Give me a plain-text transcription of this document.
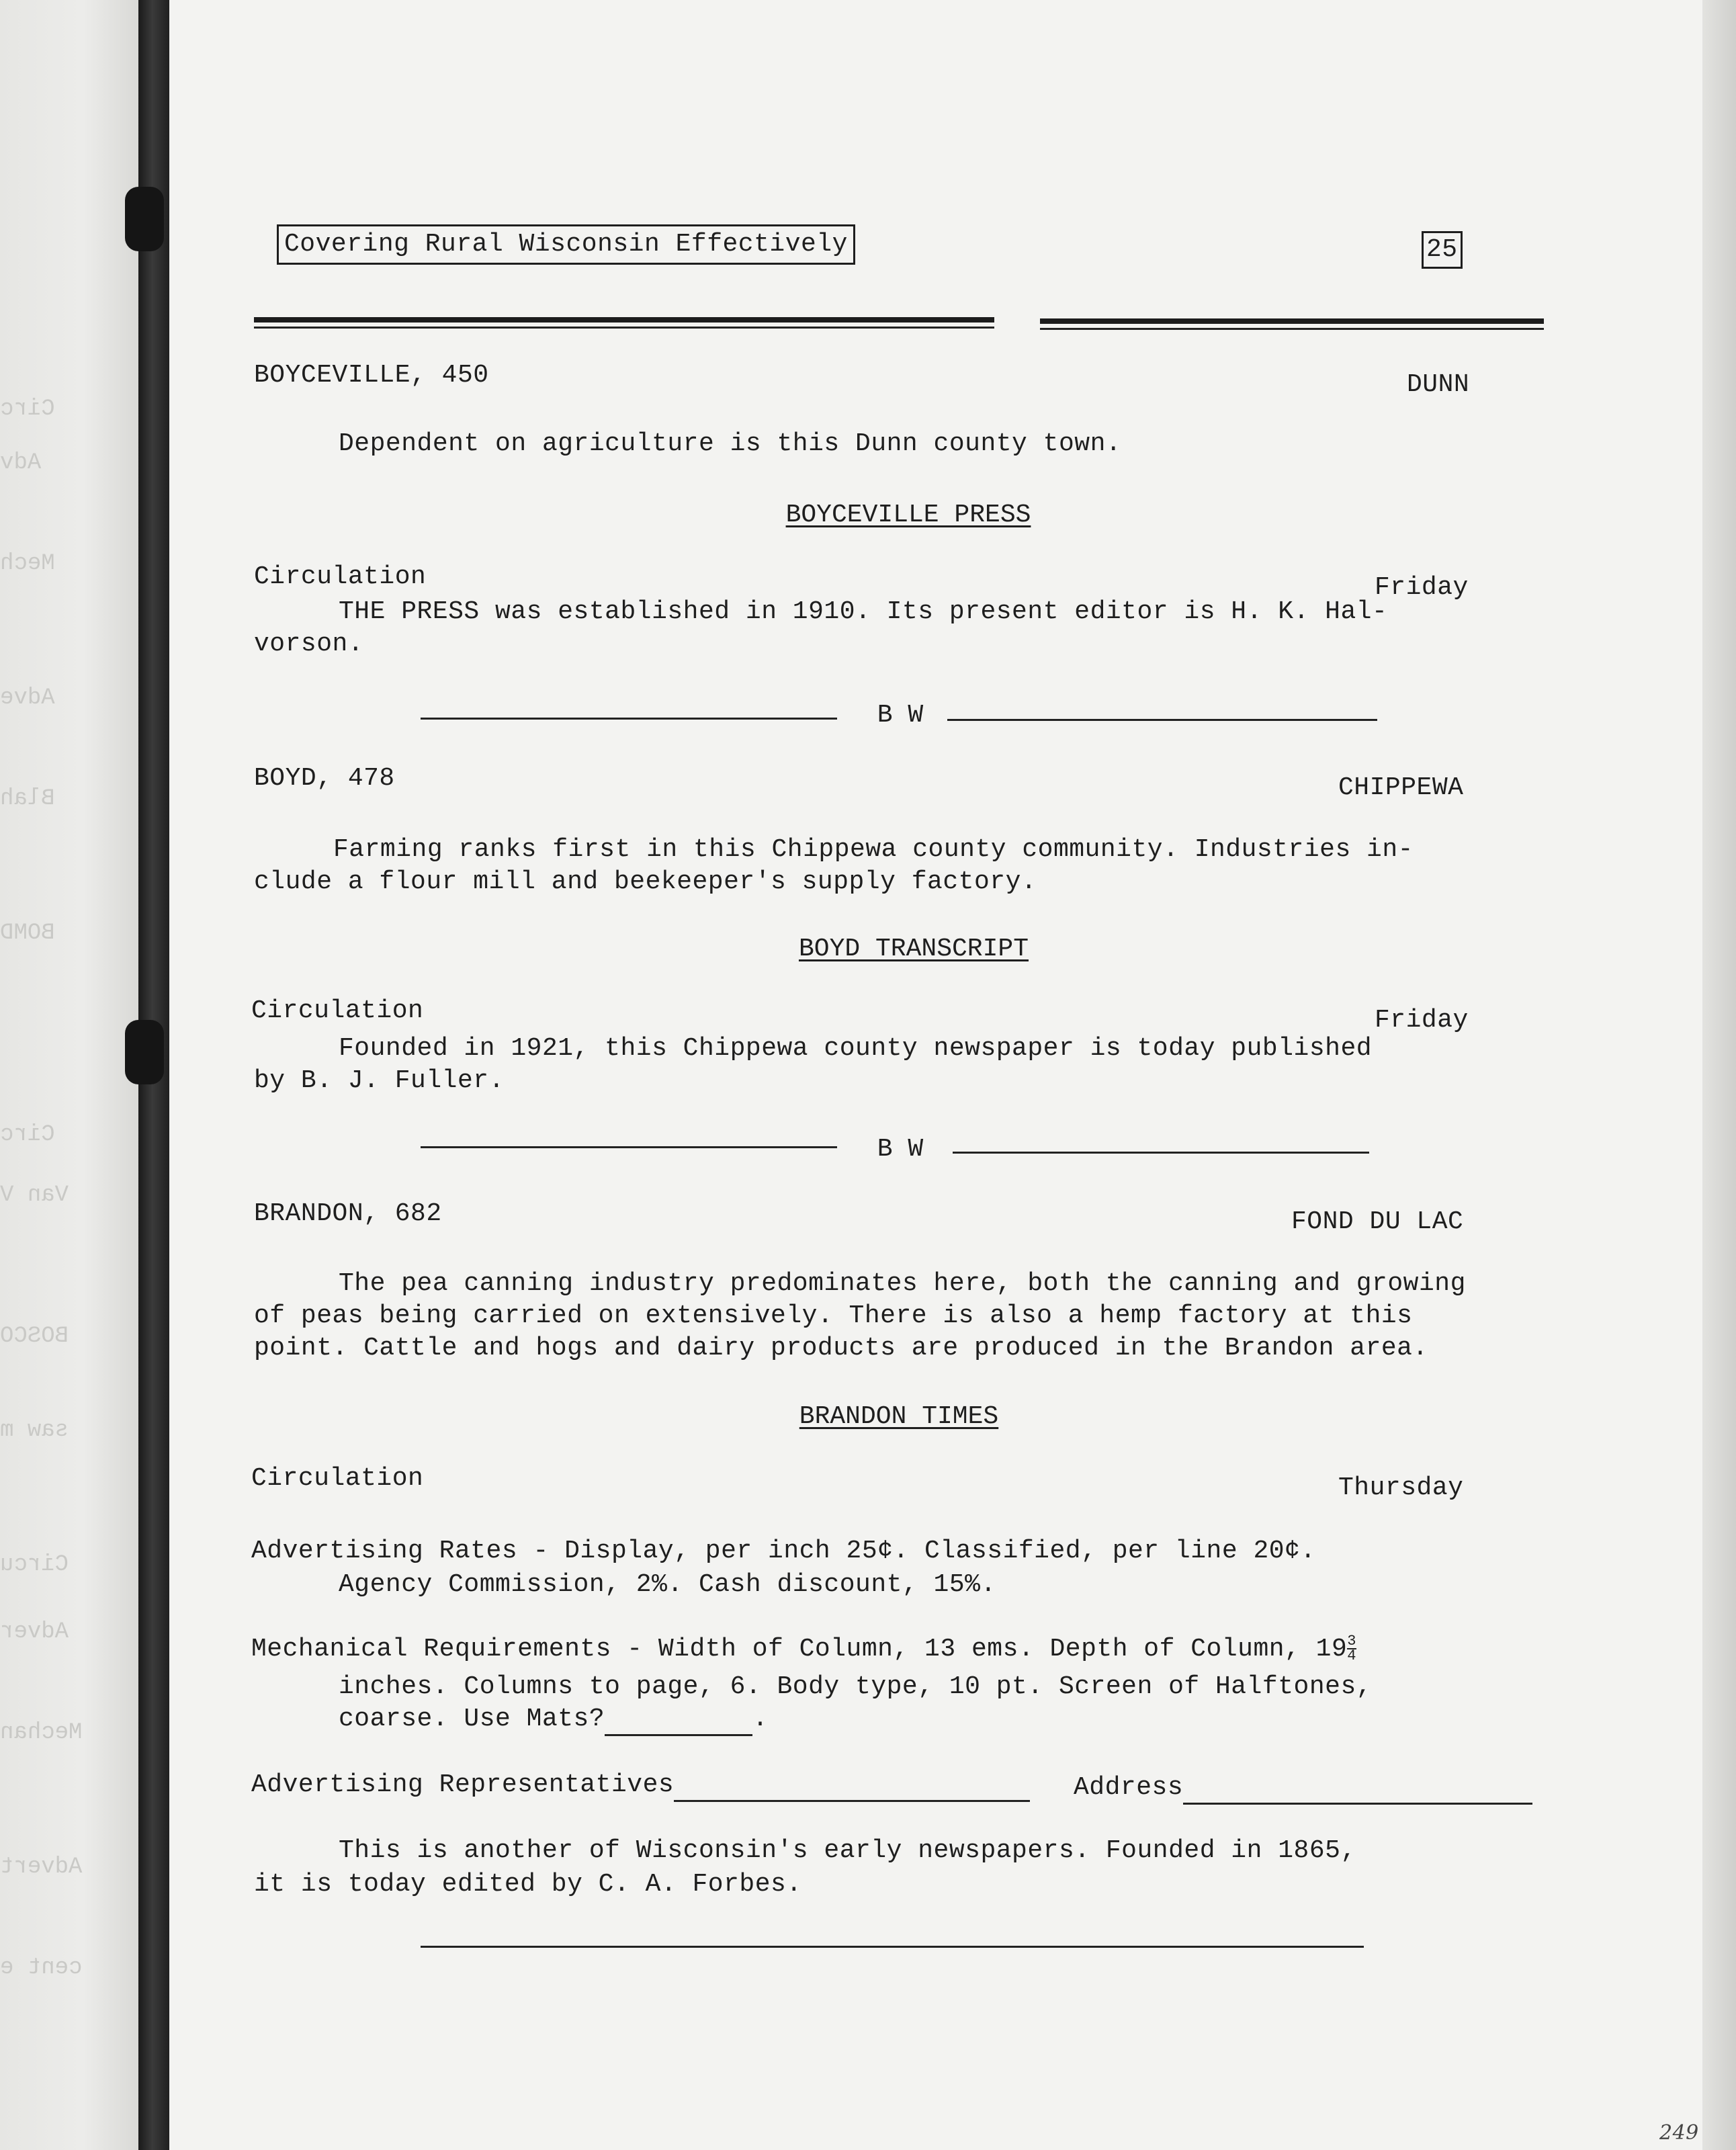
Circ
Adv
Mech
Adve
Blah
BOMD
Circ
Van V
BOSCO
saw m
Circu
Adver
Mechan
Advert
cent e
Covering Rural Wisconsin Effectively	25
BOYCEVILLE, 450	DUNN
Dependent on agriculture is this Dunn county town.
BOYCEVILLE PRESS
Circulation	Friday
THE PRESS was established in 1910. Its present editor is H. K. Hal-
vorson.
B W
BOYD, 478	CHIPPEWA
Farming ranks first in this Chippewa county community. Industries in-
clude a flour mill and beekeeper's supply factory.
BOYD TRANSCRIPT
Circulation	Friday
Founded in 1921, this Chippewa county newspaper is today published
by B. J. Fuller.
B W
BRANDON, 682	FOND DU LAC
The pea canning industry predominates here, both the canning and growing
of peas being carried on extensively. There is also a hemp factory at this
point. Cattle and hogs and dairy products are produced in the Brandon area.
BRANDON TIMES
Circulation	Thursday
Advertising Rates - Display, per inch 25¢. Classified, per line 20¢.
Agency Commission, 2%. Cash discount, 15%.
Mechanical Requirements - Width of Column, 13 ems. Depth of Column, $19 \frac{3}{4}$
inches. Columns to page, 6. Body type, 10 pt. Screen of Halftones,
coarse. Use Mats?	.
Advertising Representatives	Address
This is another of Wisconsin's early newspapers. Founded in 1865,
it is today edited by C. A. Forbes.
249
